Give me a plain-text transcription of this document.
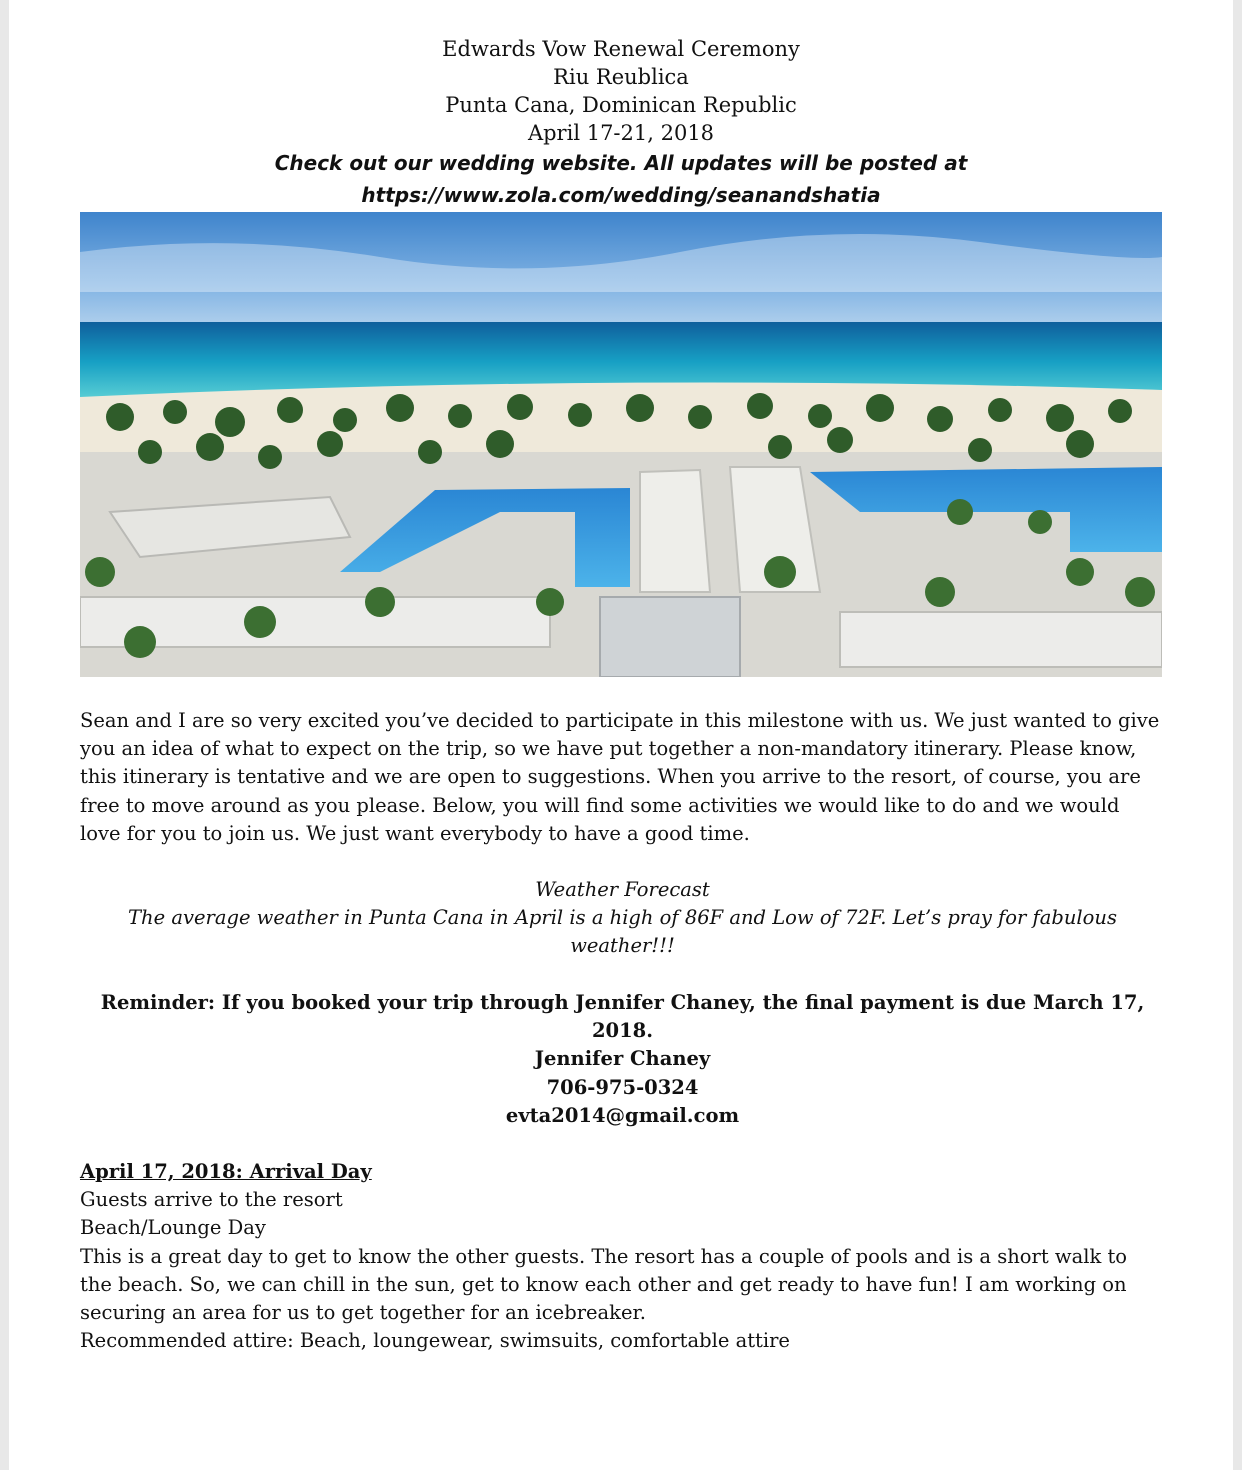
Edwards Vow Renewal Ceremony
Riu Reublica
Punta Cana, Dominican Republic
April 17-21, 2018
Check out our wedding website. All updates will be posted at
https://www.zola.com/wedding/seanandshatia
Sean and I are so very excited you’ve decided to participate in this milestone with us. We just wanted to give you an idea of what to expect on the trip, so we have put together a non-mandatory itinerary. Please know, this itinerary is tentative and we are open to suggestions. When you arrive to the resort, of course, you are free to move around as you please. Below, you will find some activities we would like to do and we would love for you to join us. We just want everybody to have a good time.
Weather Forecast
The average weather in Punta Cana in April is a high of 86F and Low of 72F. Let’s pray for fabulous weather!!!
Reminder: If you booked your trip through Jennifer Chaney, the final payment is due March 17, 2018.
Jennifer Chaney
706-975-0324
evta2014@gmail.com
April 17, 2018: Arrival Day

Guests arrive to the resort

Beach/Lounge Day

This is a great day to get to know the other guests. The resort has a couple of pools and is a short walk to the beach. So, we can chill in the sun, get to know each other and get ready to have fun! I am working on securing an area for us to get together for an icebreaker.

Recommended attire: Beach, loungewear, swimsuits, comfortable attire
